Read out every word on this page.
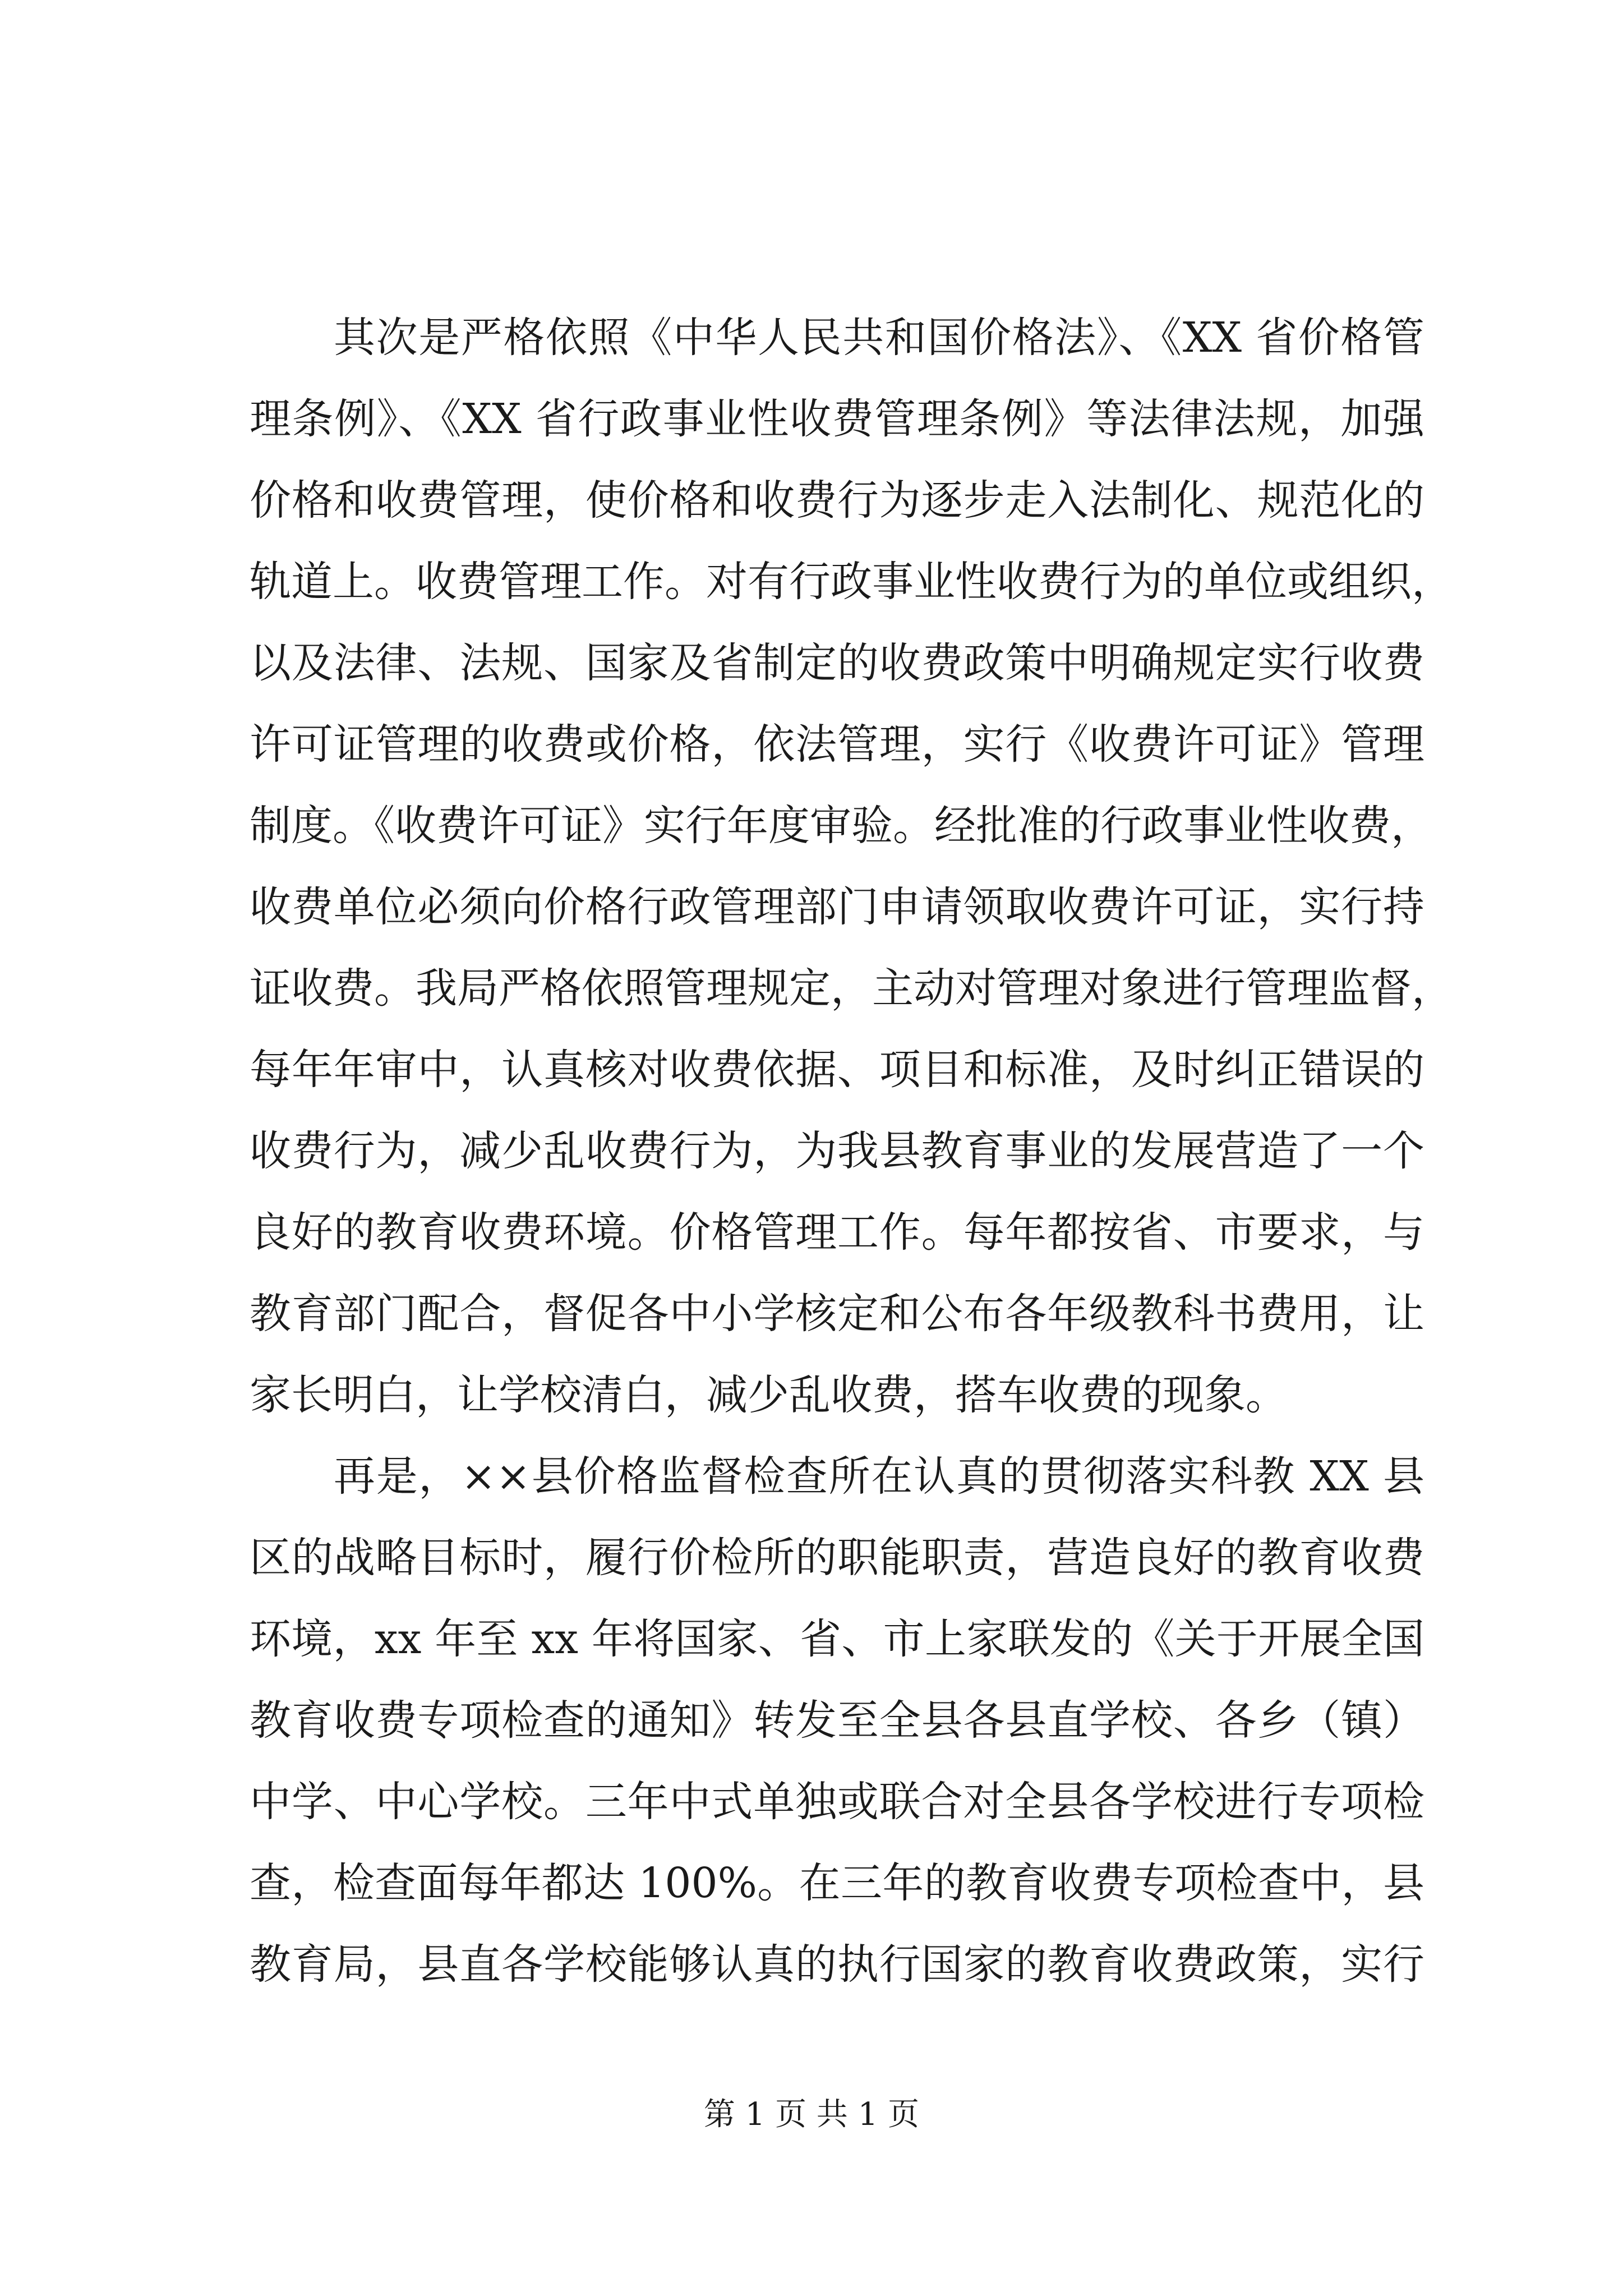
其次是严格依照《中华人民共和国价格法》、《XX 省价格管
理条例》、《XX 省行政事业性收费管理条例》等法律法规，加强
价格和收费管理，使价格和收费行为逐步走入法制化、规范化的
轨道上。收费管理工作。对有行政事业性收费行为的单位或组织，
以及法律、法规、国家及省制定的收费政策中明确规定实行收费
许可证管理的收费或价格，依法管理，实行《收费许可证》管理
制度。《收费许可证》实行年度审验。经批准的行政事业性收费，
收费单位必须向价格行政管理部门申请领取收费许可证，实行持
证收费。我局严格依照管理规定，主动对管理对象进行管理监督，
每年年审中，认真核对收费依据、项目和标准，及时纠正错误的
收费行为，减少乱收费行为，为我县教育事业的发展营造了一个
良好的教育收费环境。价格管理工作。每年都按省、市要求，与
教育部门配合，督促各中小学核定和公布各年级教科书费用，让
家长明白，让学校清白，减少乱收费，搭车收费的现象。
再是，××县价格监督检查所在认真的贯彻落实科教 XX 县
区的战略目标时，履行价检所的职能职责，营造良好的教育收费
环境，xx 年至 xx 年将国家、省、市上家联发的《关于开展全国
教育收费专项检查的通知》转发至全县各县直学校、各乡（镇）
中学、中心学校。三年中式单独或联合对全县各学校进行专项检
查，检查面每年都达 100%。在三年的教育收费专项检查中，县
教育局，县直各学校能够认真的执行国家的教育收费政策，实行
第 1 页 共 1 页
